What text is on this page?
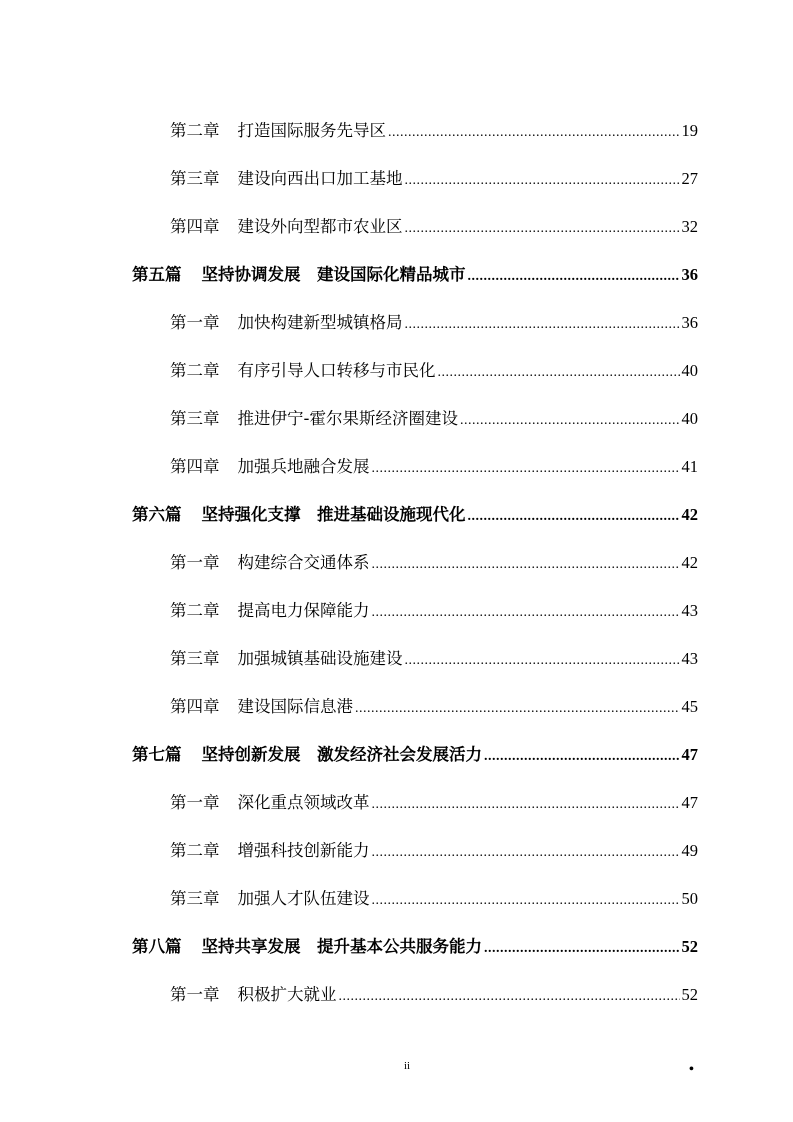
第二章 打造国际服务先导区 .....	19
第三章 建设向西出口加工基地 .....	27
第四章 建设外向型都市农业区 .....	32
第五篇 坚持协调发展　建设国际化精品城市 .....	36
第一章 加快构建新型城镇格局 .....	36
第二章 有序引导人口转移与市民化 .....	40
第三章 推进伊宁-霍尔果斯经济圈建设 .....	40
第四章 加强兵地融合发展 .....	41
第六篇 坚持强化支撑　推进基础设施现代化 .....	42
第一章 构建综合交通体系 .....	42
第二章 提高电力保障能力 .....	43
第三章 加强城镇基础设施建设 .....	43
第四章 建设国际信息港 .....	45
第七篇 坚持创新发展　激发经济社会发展活力 .....	47
第一章 深化重点领域改革 .....	47
第二章 增强科技创新能力 .....	49
第三章 加强人才队伍建设 .....	50
第八篇 坚持共享发展　提升基本公共服务能力 .....	52
第一章 积极扩大就业 .....	52
ii	•
